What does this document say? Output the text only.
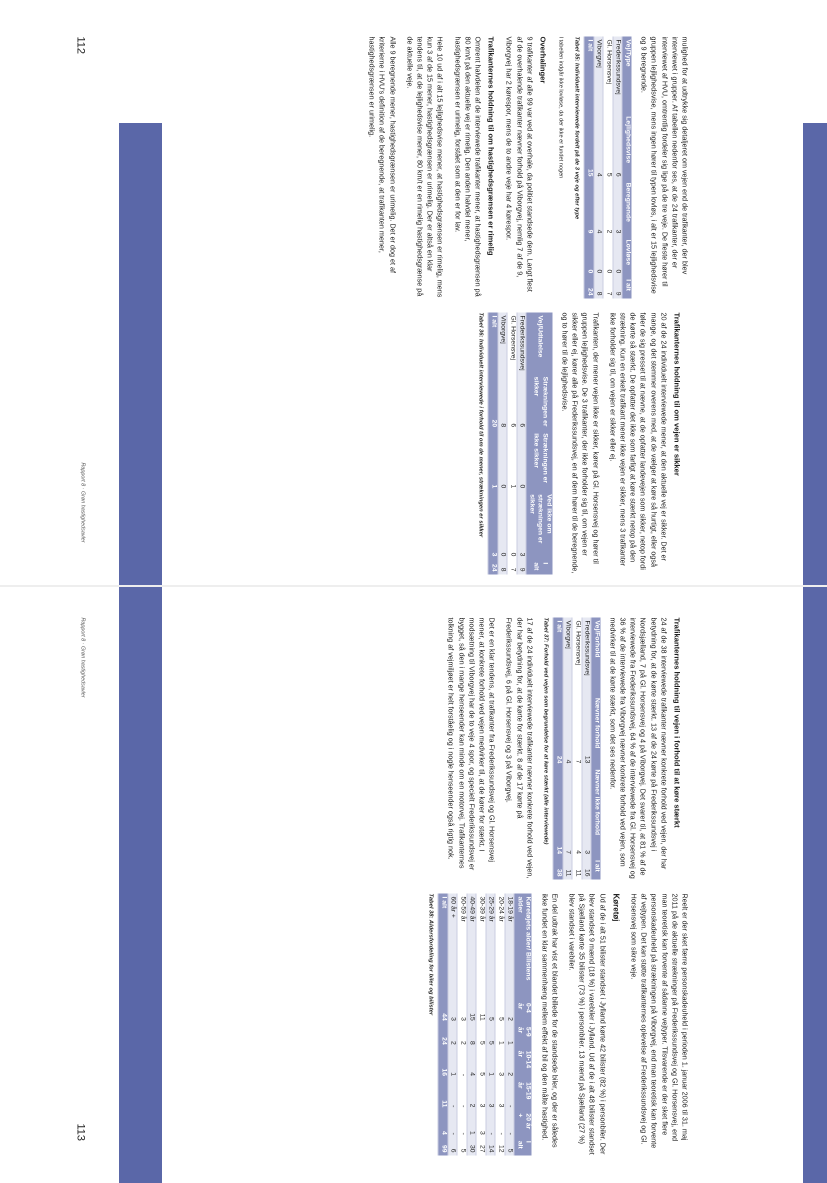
mulighed for at udtrykke sig detaljeret om vejen end de trafikanter, der blev interviewet i grupper. Af tabellen nedenfor ses, at de 24 trafikanter, der er interviewet af HVU, omtrentlig fordeler sig lige på de tre veje. De fleste hører til gruppen lejlighedsvise, mens ingen hører til typen lovløs, i alt er 15 lejlighedsvise og 9 beregnende.

Vej/Type	Lejlighedsvise	Beregnende	Lovløse	I alt
Frederikssundsvej	6	3	0	9
Gl. Horsensvej	5	2	0	7
Viborgvej	4	4	0	8
I alt	15	9	0	24
Tabel 35: Individuelt interviewede fordelt på de 3 veje og efter type
I tabellen indgår ikke lovløse, da der ikke er fundet nogen
Overhalinger

9 trafikanter af alle 99 var ved at overhale, da politiet standsede dem. Langt flest af de overhalende trafikanter nævner forhold på Viborgvej, nemlig 7 af de 9, Viborgvej har 2 kørespor, mens de to andre veje har 4 kørespor.

Trafikanternes holdning til om hastighedsgrænsen er rimelig

Omtrent halvdelen af de interviewede trafikanter mener, at hastighedsgrænsen på 80 km/t på den aktuelle vej er rimelig. Den anden halvdel mener, hastighedsgrænsen er urimelig, forstået som at den er for lav.

Hele 10 ud af i alt 15 lejlighedsvise mener, at hastighedsgrænsen er rimelig, mens kun 3 af de 15 mener, hastighedsgrænsen er urimelig. Der er altså en klar tendens til, at de lejlighedsvise mener, 80 km/t er en rimelig hastighedsgrænse på de aktuelle veje.

Alle 9 beregnende mener, hastighedsgrænsen er urimelig. Det er dog et af kriterierne i HVU's definition af de beregnende, at trafikanten mener, hastighedsgrænsen er urimelig.

Trafikanternes holdning til om vejen er sikker

20 af de 24 individuelt interviewede mener, at den aktuelle vej er sikker. Det er mange, og det stemmer overens med, at de vælger at køre så hurtigt, eller også føler de sig presset til at nævne, at de opfatter landevejen som sikker, netop fordi de kørte så stærkt. De opfatter det ikke som farligt at køre stærkt netop på den strækning. Kun en enkelt trafikant mener ikke vejen er sikker, mens 3 trafikanter ikke forholder sig til, om vejen er sikker eller ej.

Trafikanten, der mener vejen ikke er sikker, kører på Gl. Horsensvej og hører til gruppen lejlighedsvise. De 3 trafikanter, der ikke forholder sig til, om vejen er sikker eller ej, kører alle på Frederikssundsvej, en af dem hører til de beregnende, og to hører til de lejlighedsvise.

Vej/Udtalelse	Strækningen er sikker	Strækningen er ikke sikker	Ved ikke om strækningen er sikker	I alt
Frederikssundsvej	6	0	3	9
Gl. Horsensvej	6	1	0	7
Viborgvej	8	0	0	8
I alt	20	1	3	24
Tabel 36: Individuelt interviewede i forhold til om de mener, strækningen er sikker
112
Rapport 8 · Grøn hastighedsavler
Trafikanternes holdning til vejen i forhold til at køre stærkt

24 af de 38 interviewede trafikanter nævner konkrete forhold ved vejen, der har betydning for, at de kørte stærkt. 13 af de 24 kørte på Frederikssundsvej i Nordsjælland, 7 på Gl. Horsensvej og 4 på Viborgvej. Det svarer til, at 81 % af de interviewede fra Frederikssundsvej, 64 % af de interviewede fra Gl. Horsensvej og 36 % af de interviewede fra Viborgvej nævner konkrete forhold ved vejen, som medvirker til at de kørte stærkt, som det ses nedenfor.

Vej/Forhold	Nævner forhold	Nævner ikke forhold	I alt
Frederikssundsvej	13	3	16
Gl. Horsensvej	7	4	11
Viborgvej	4	7	11
I alt	24	14	38
Tabel 37: Forhold ved vejen som begrundelse for at køre stærkt (alle interviewede)

17 af de 24 individuelt interviewede trafikanter nævner konkrete forhold ved vejen, der har betydning for, at de kørte for stærkt. 8 af de 17 kørte på Frederikssundsvej, 6 på Gl. Horsensvej og 3 på Viborgvej.

Det er en klar tendens, at trafikanter fra Frederikssundsvej og Gl. Horsensvej mener, at konkrete forhold ved vejen medvirker til, at de kører for stærkt. I modsætning til Viborgvej har de to veje 4 spor, og specielt Frederikssundsvej er bygget, så den i mange henseender kan minde om en motorvej. Trafikanternes tolkning af vejmiljøet er helt forståelig og i nogle henseender også rigtig nok.

Reelt er der sket færre personskadeuheld i perioden 1. januar 2006 til 31. maj 2011 på de aktuelle strækninger på Frederikssundsvej og Gl. Horsensvej, end man teoretisk kan forvente af sådanne vejtyper. Tilsvarende er der sket flere personskadeuheld på strækningen på Viborgvej, end man teoretisk kan forvente af vejtypen. Det kan støtte trafikanternes oplevelse af Frederikssundsvej og Gl. Horsensvej som sikre veje.

Køretøj

Ud af de i alt 51 bilister standset i Jylland kørte 42 bilister (82 %) i personbiler. Der blev standset 9 mænd (18 %) i varebiler i Jylland. Ud af de i alt 48 bilister standset på Sjælland kørte 35 bilister (73 %) i personbiler. 13 mænd på Sjælland (27 %) blev standset i varebiler.

En del udtrak har vist et blandet billede for de standsede biler, og der er således ikke fundet en klar sammenhæng mellem effekt af bil og den målte hastighed.

Køretøjets alder/ Bilistens alder	0-4 år	5-9 år	10-14 år	15-19 år	20 år +	I alt
18-19 år	2	1	2	-	-	5
20-24 år	5	1	3	3	-	12
25-29 år	5	5	1	3	-	14
30-39 år	11	5	5	3	3	27
40-49 år	15	8	4	2	1	30
50-59 år	3	2	-	-	-	5
60 år +	3	2	1	-	-	6
I alt	44	24	16	11	4	99
Tabel 38: Aldersfordeling for biler og bilister
Rapport 8 · Grøn hastighedsavler
113
